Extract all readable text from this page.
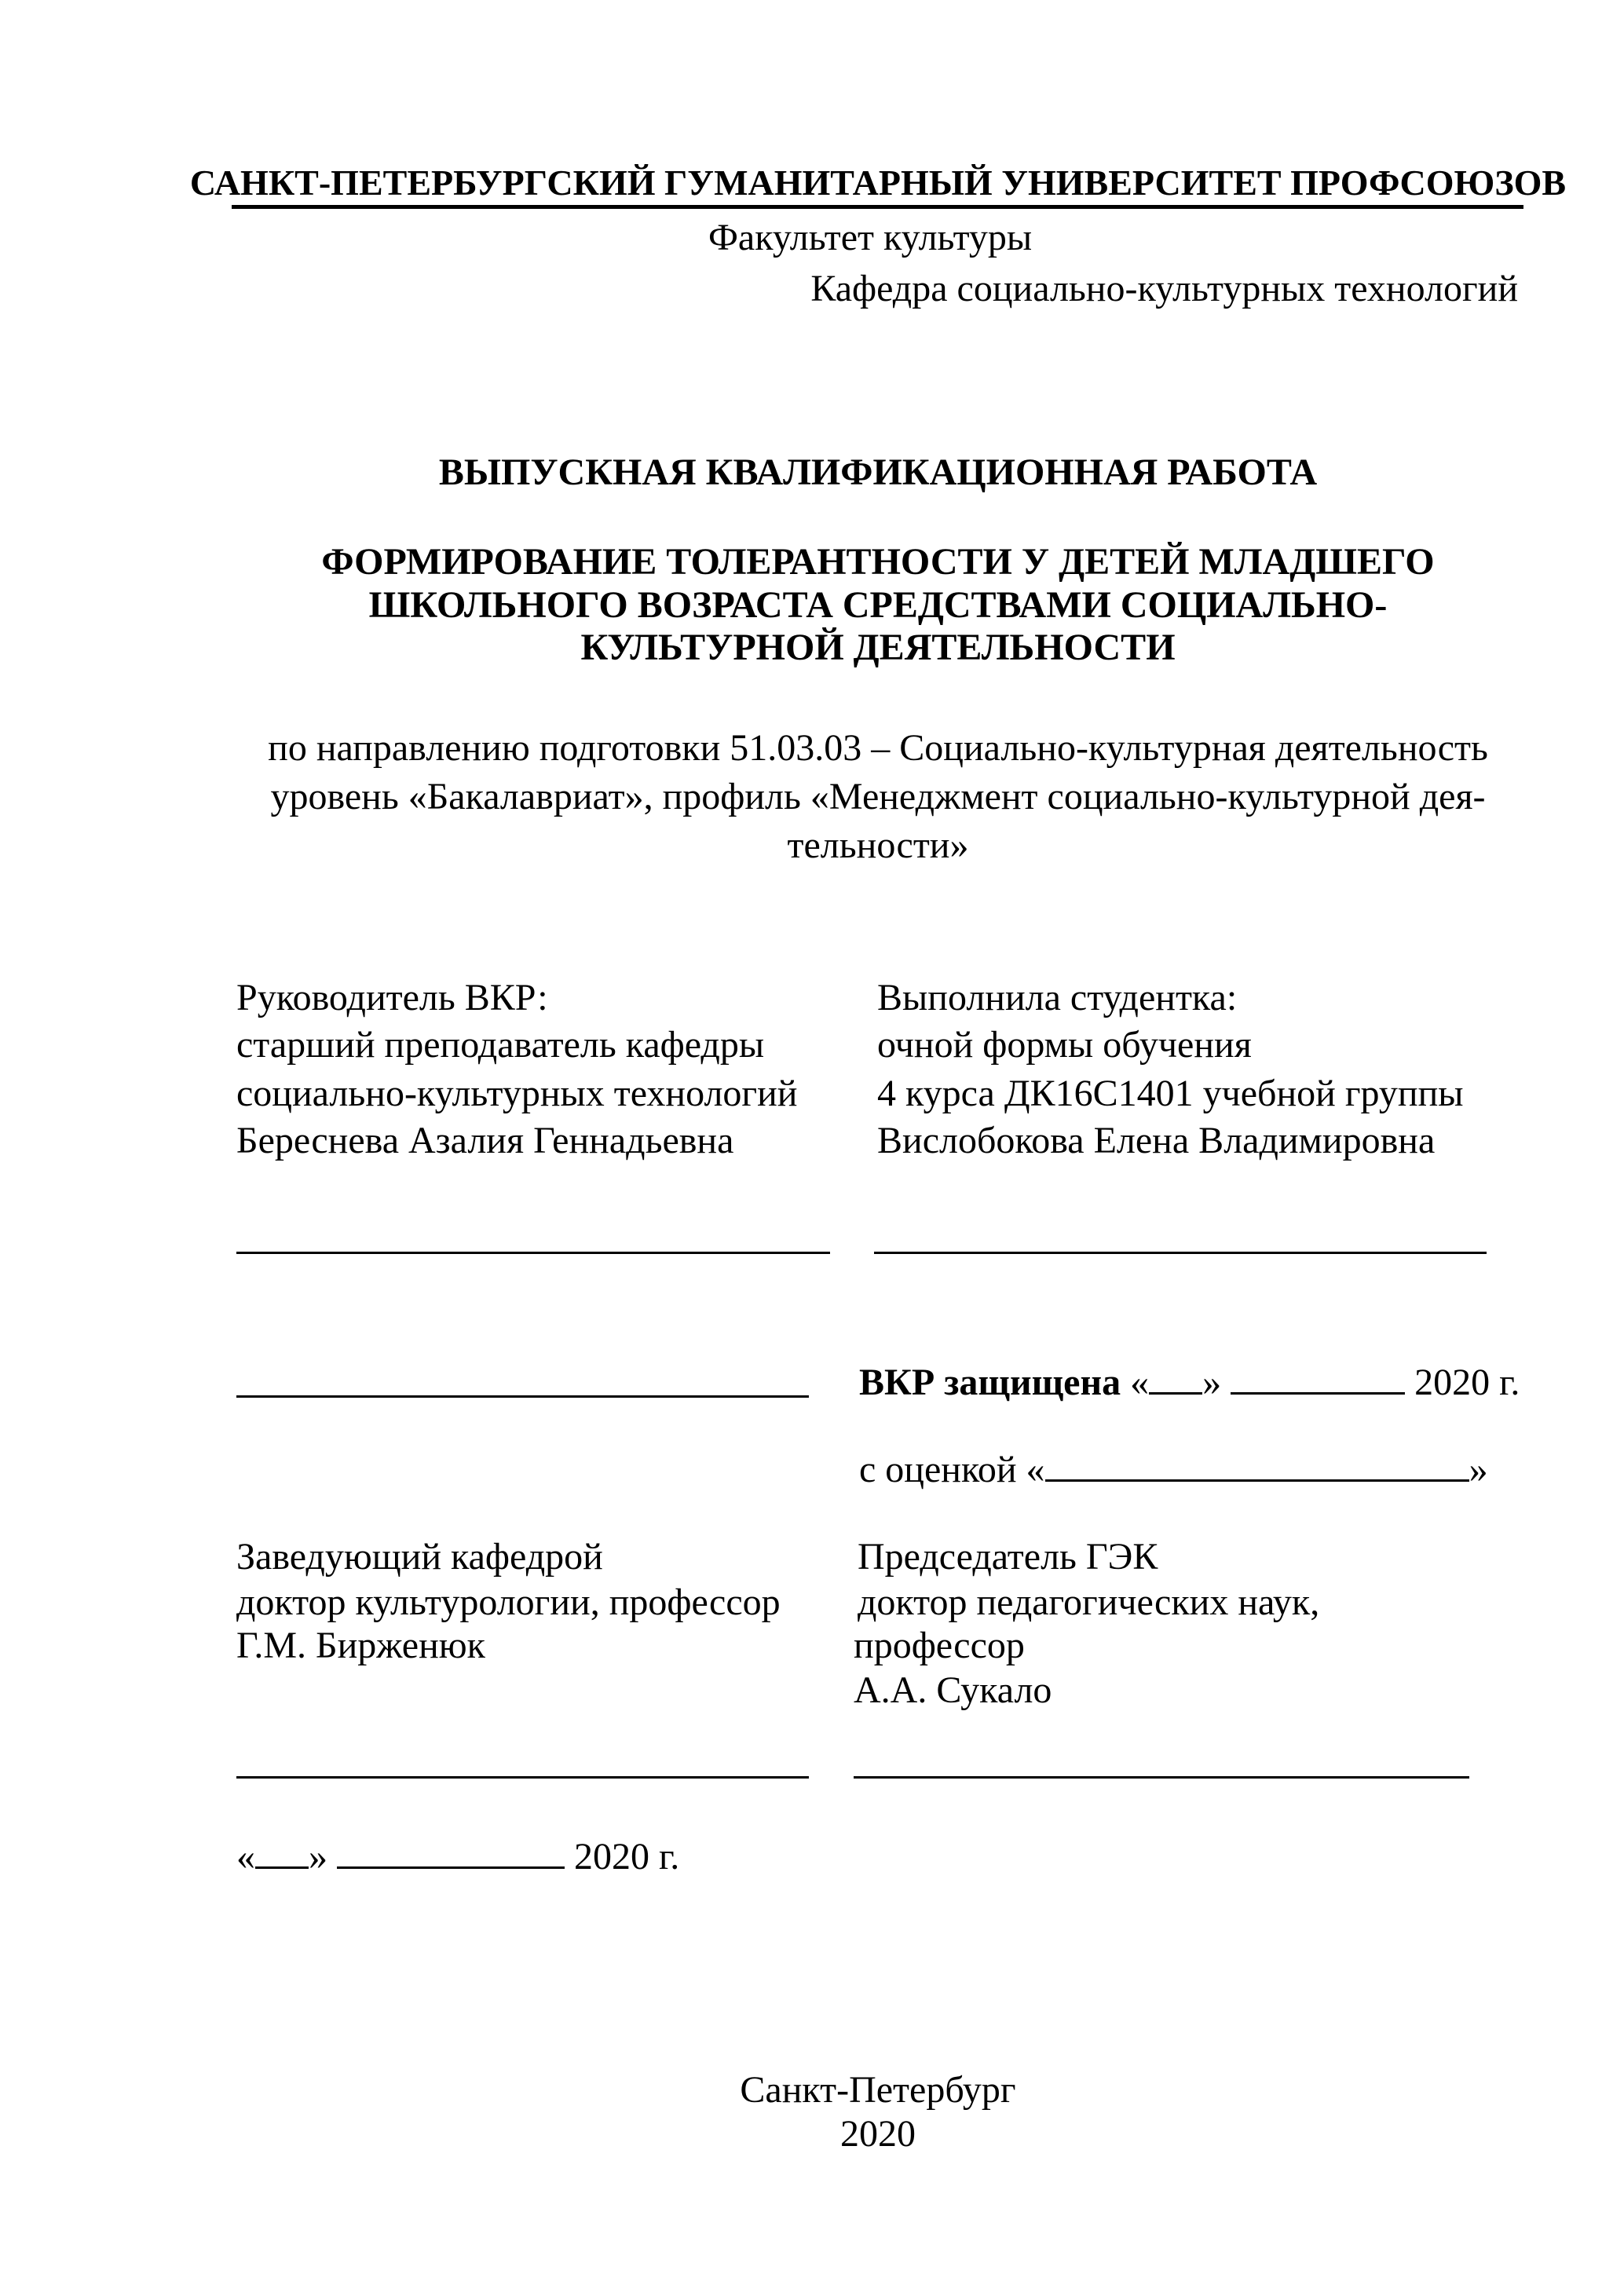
САНКТ-ПЕТЕРБУРГСКИЙ ГУМАНИТАРНЫЙ УНИВЕРСИТЕТ ПРОФСОЮЗОВ
Факультет культуры
Кафедра социально-культурных технологий
ВЫПУСКНАЯ КВАЛИФИКАЦИОННАЯ РАБОТА
ФОРМИРОВАНИЕ ТОЛЕРАНТНОСТИ У ДЕТЕЙ МЛАДШЕГО
ШКОЛЬНОГО ВОЗРАСТА СРЕДСТВАМИ СОЦИАЛЬНО-
КУЛЬТУРНОЙ ДЕЯТЕЛЬНОСТИ
по направлению подготовки 51.03.03 – Социально-культурная деятельность
уровень «Бакалавриат», профиль «Менеджмент социально-культурной дея-
тельности»
Руководитель ВКР:
старший преподаватель кафедры
социально-культурных технологий
Береснева Азалия Геннадьевна
Выполнила студентка:
очной формы обучения
4 курса ДК16С1401 учебной группы
Вислобокова Елена Владимировна
ВКР защищена « »	2020 г.
с оценкой «	»
Заведующий кафедрой
доктор культурологии, профессор
Г.М. Бирженюк
Председатель ГЭК
доктор педагогических наук,
профессор
А.А. Сукало
« »	2020 г.
Санкт-Петербург
2020
